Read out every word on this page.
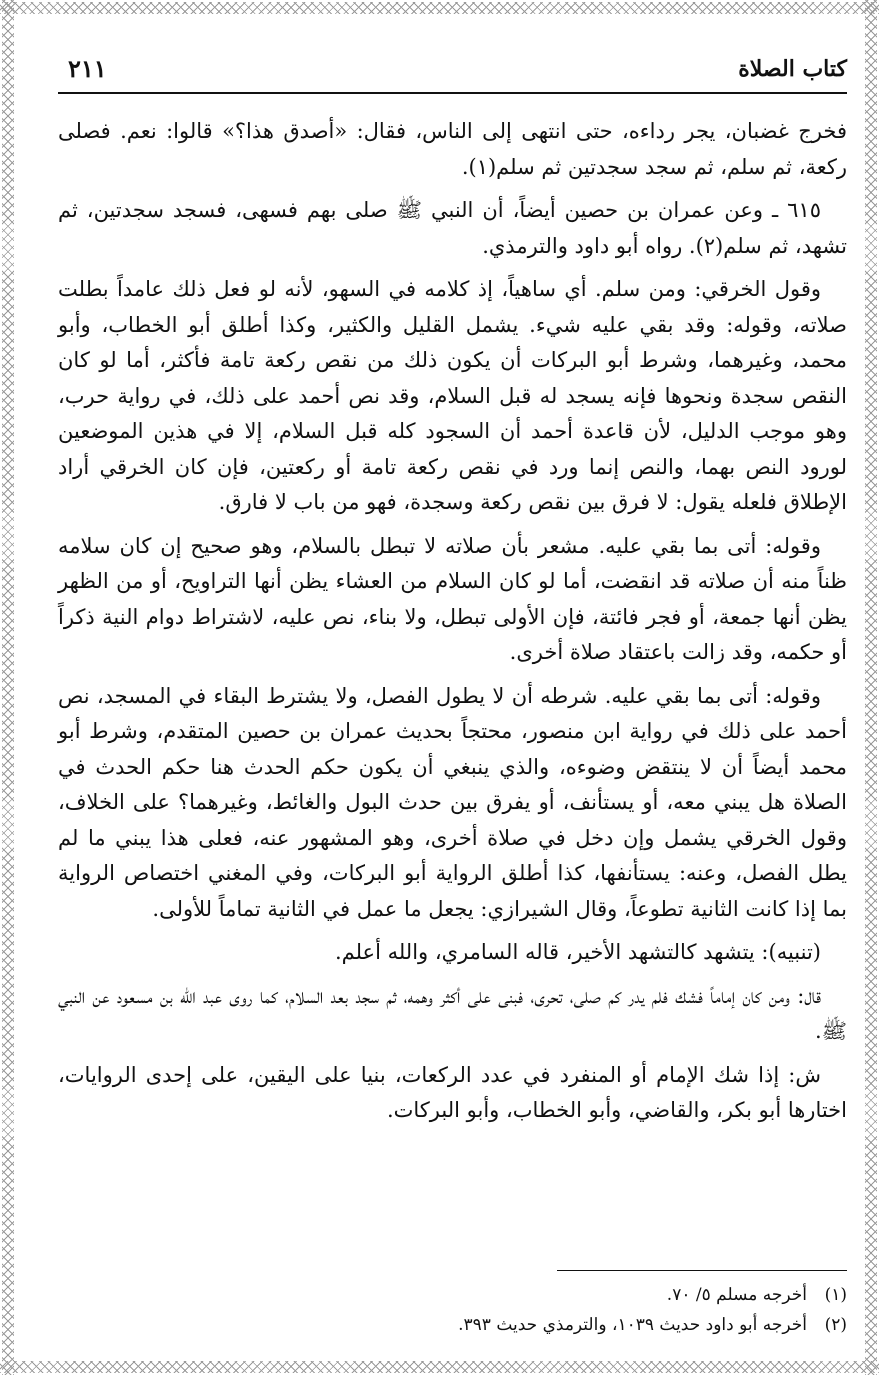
كتاب الصلاة
٢١١

فخرج غضبان، يجر رداءه، حتى انتهى إلى الناس، فقال: «أصدق هذا؟» قالوا: نعم. فصلى ركعة، ثم سلم، ثم سجد سجدتين ثم سلم(١).

٦١٥ ـ وعن عمران بن حصين أيضاً، أن النبي ﷺ صلى بهم فسهى، فسجد سجدتين، ثم تشهد، ثم سلم(٢). رواه أبو داود والترمذي.

وقول الخرقي: ومن سلم. أي ساهياً، إذ كلامه في السهو، لأنه لو فعل ذلك عامداً بطلت صلاته، وقوله: وقد بقي عليه شيء. يشمل القليل والكثير، وكذا أطلق أبو الخطاب، وأبو محمد، وغيرهما، وشرط أبو البركات أن يكون ذلك من نقص ركعة تامة فأكثر، أما لو كان النقص سجدة ونحوها فإنه يسجد له قبل السلام، وقد نص أحمد على ذلك، في رواية حرب، وهو موجب الدليل، لأن قاعدة أحمد أن السجود كله قبل السلام، إلا في هذين الموضعين لورود النص بهما، والنص إنما ورد في نقص ركعة تامة أو ركعتين، فإن كان الخرقي أراد الإطلاق فلعله يقول: لا فرق بين نقص ركعة وسجدة، فهو من باب لا فارق.

وقوله: أتى بما بقي عليه. مشعر بأن صلاته لا تبطل بالسلام، وهو صحيح إن كان سلامه ظناً منه أن صلاته قد انقضت، أما لو كان السلام من العشاء يظن أنها التراويح، أو من الظهر يظن أنها جمعة، أو فجر فائتة، فإن الأولى تبطل، ولا بناء، نص عليه، لاشتراط دوام النية ذكراً أو حكمه، وقد زالت باعتقاد صلاة أخرى.

وقوله: أتى بما بقي عليه. شرطه أن لا يطول الفصل، ولا يشترط البقاء في المسجد، نص أحمد على ذلك في رواية ابن منصور، محتجاً بحديث عمران بن حصين المتقدم، وشرط أبو محمد أيضاً أن لا ينتقض وضوءه، والذي ينبغي أن يكون حكم الحدث هنا حكم الحدث في الصلاة هل يبني معه، أو يستأنف، أو يفرق بين حدث البول والغائط، وغيرهما؟ على الخلاف، وقول الخرقي يشمل وإن دخل في صلاة أخرى، وهو المشهور عنه، فعلى هذا يبني ما لم يطل الفصل، وعنه: يستأنفها، كذا أطلق الرواية أبو البركات، وفي المغني اختصاص الرواية بما إذا كانت الثانية تطوعاً، وقال الشيرازي: يجعل ما عمل في الثانية تماماً للأولى.

(تنبيه): يتشهد كالتشهد الأخير، قاله السامري، والله أعلم.

قال: ومن كان إماماً فشك فلم يدر كم صلى، تحرى، فبنى على أكثر وهمه، ثم سجد بعد السلام، كما روى عبد الله بن مسعود عن النبي ﷺ.

ش: إذا شك الإمام أو المنفرد في عدد الركعات، بنيا على اليقين، على إحدى الروايات، اختارها أبو بكر، والقاضي، وأبو الخطاب، وأبو البركات.

(١)
أخرجه مسلم ٥/ ٧٠.
(٢)
أخرجه أبو داود حديث ١٠٣٩، والترمذي حديث ٣٩٣.
